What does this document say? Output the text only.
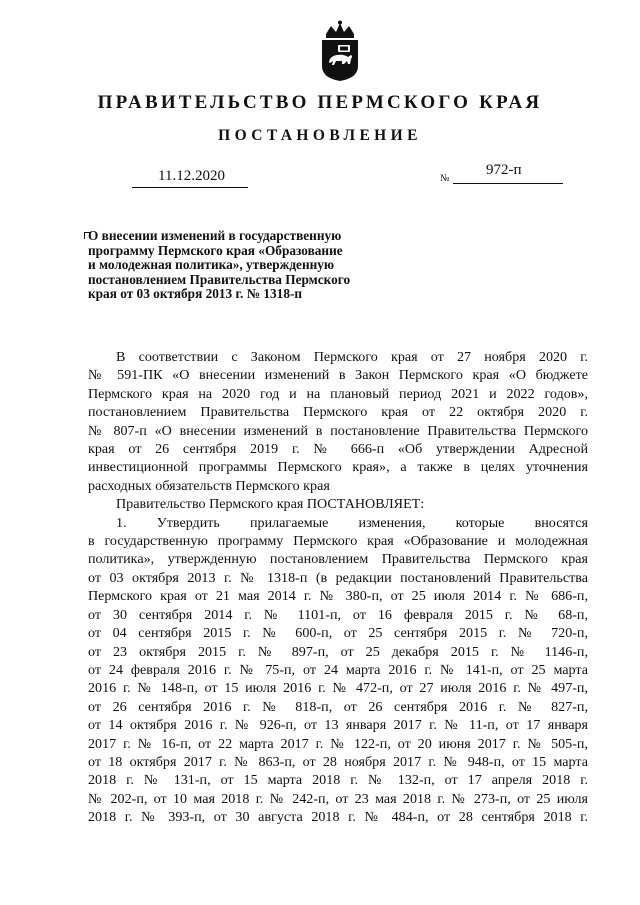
ПРАВИТЕЛЬСТВО ПЕРМСКОГО КРАЯ
ПОСТАНОВЛЕНИЕ
11.12.2020	№
972-п

О внесении изменений в государственную
программу Пермского края «Образование
и молодежная политика», утвержденную
постановлением Правительства Пермского
края от 03 октября 2013 г. № 1318-п

В соответствии с Законом Пермского края от 27 ноября 2020 г.
№ 591-ПК «О внесении изменений в Закон Пермского края «О бюджете
Пермского края на 2020 год и на плановый период 2021 и 2022 годов»,
постановлением Правительства Пермского края от 22 октября 2020 г.
№ 807-п «О внесении изменений в постановление Правительства Пермского
края от 26 сентября 2019 г. № 666-п «Об утверждении Адресной
инвестиционной программы Пермского края», а также в целях уточнения
расходных обязательств Пермского края
Правительство Пермского края ПОСТАНОВЛЯЕТ:
1. Утвердить прилагаемые изменения, которые вносятся
в государственную программу Пермского края «Образование и молодежная
политика», утвержденную постановлением Правительства Пермского края
от 03 октября 2013 г. № 1318-п (в редакции постановлений Правительства
Пермского края от 21 мая 2014 г. № 380-п, от 25 июля 2014 г. № 686-п,
от 30 сентября 2014 г. № 1101-п, от 16 февраля 2015 г. № 68-п,
от 04 сентября 2015 г. № 600-п, от 25 сентября 2015 г. № 720-п,
от 23 октября 2015 г. № 897-п, от 25 декабря 2015 г. № 1146-п,
от 24 февраля 2016 г. № 75-п, от 24 марта 2016 г. № 141-п, от 25 марта
2016 г. № 148-п, от 15 июля 2016 г. № 472-п, от 27 июля 2016 г. № 497-п,
от 26 сентября 2016 г. № 818-п, от 26 сентября 2016 г. № 827-п,
от 14 октября 2016 г. № 926-п, от 13 января 2017 г. № 11-п, от 17 января
2017 г. № 16-п, от 22 марта 2017 г. № 122-п, от 20 июня 2017 г. № 505-п,
от 18 октября 2017 г. № 863-п, от 28 ноября 2017 г. № 948-п, от 15 марта
2018 г. № 131-п, от 15 марта 2018 г. № 132-п, от 17 апреля 2018 г.
№ 202-п, от 10 мая 2018 г. № 242-п, от 23 мая 2018 г. № 273-п, от 25 июля
2018 г. № 393-п, от 30 августа 2018 г. № 484-п, от 28 сентября 2018 г.
